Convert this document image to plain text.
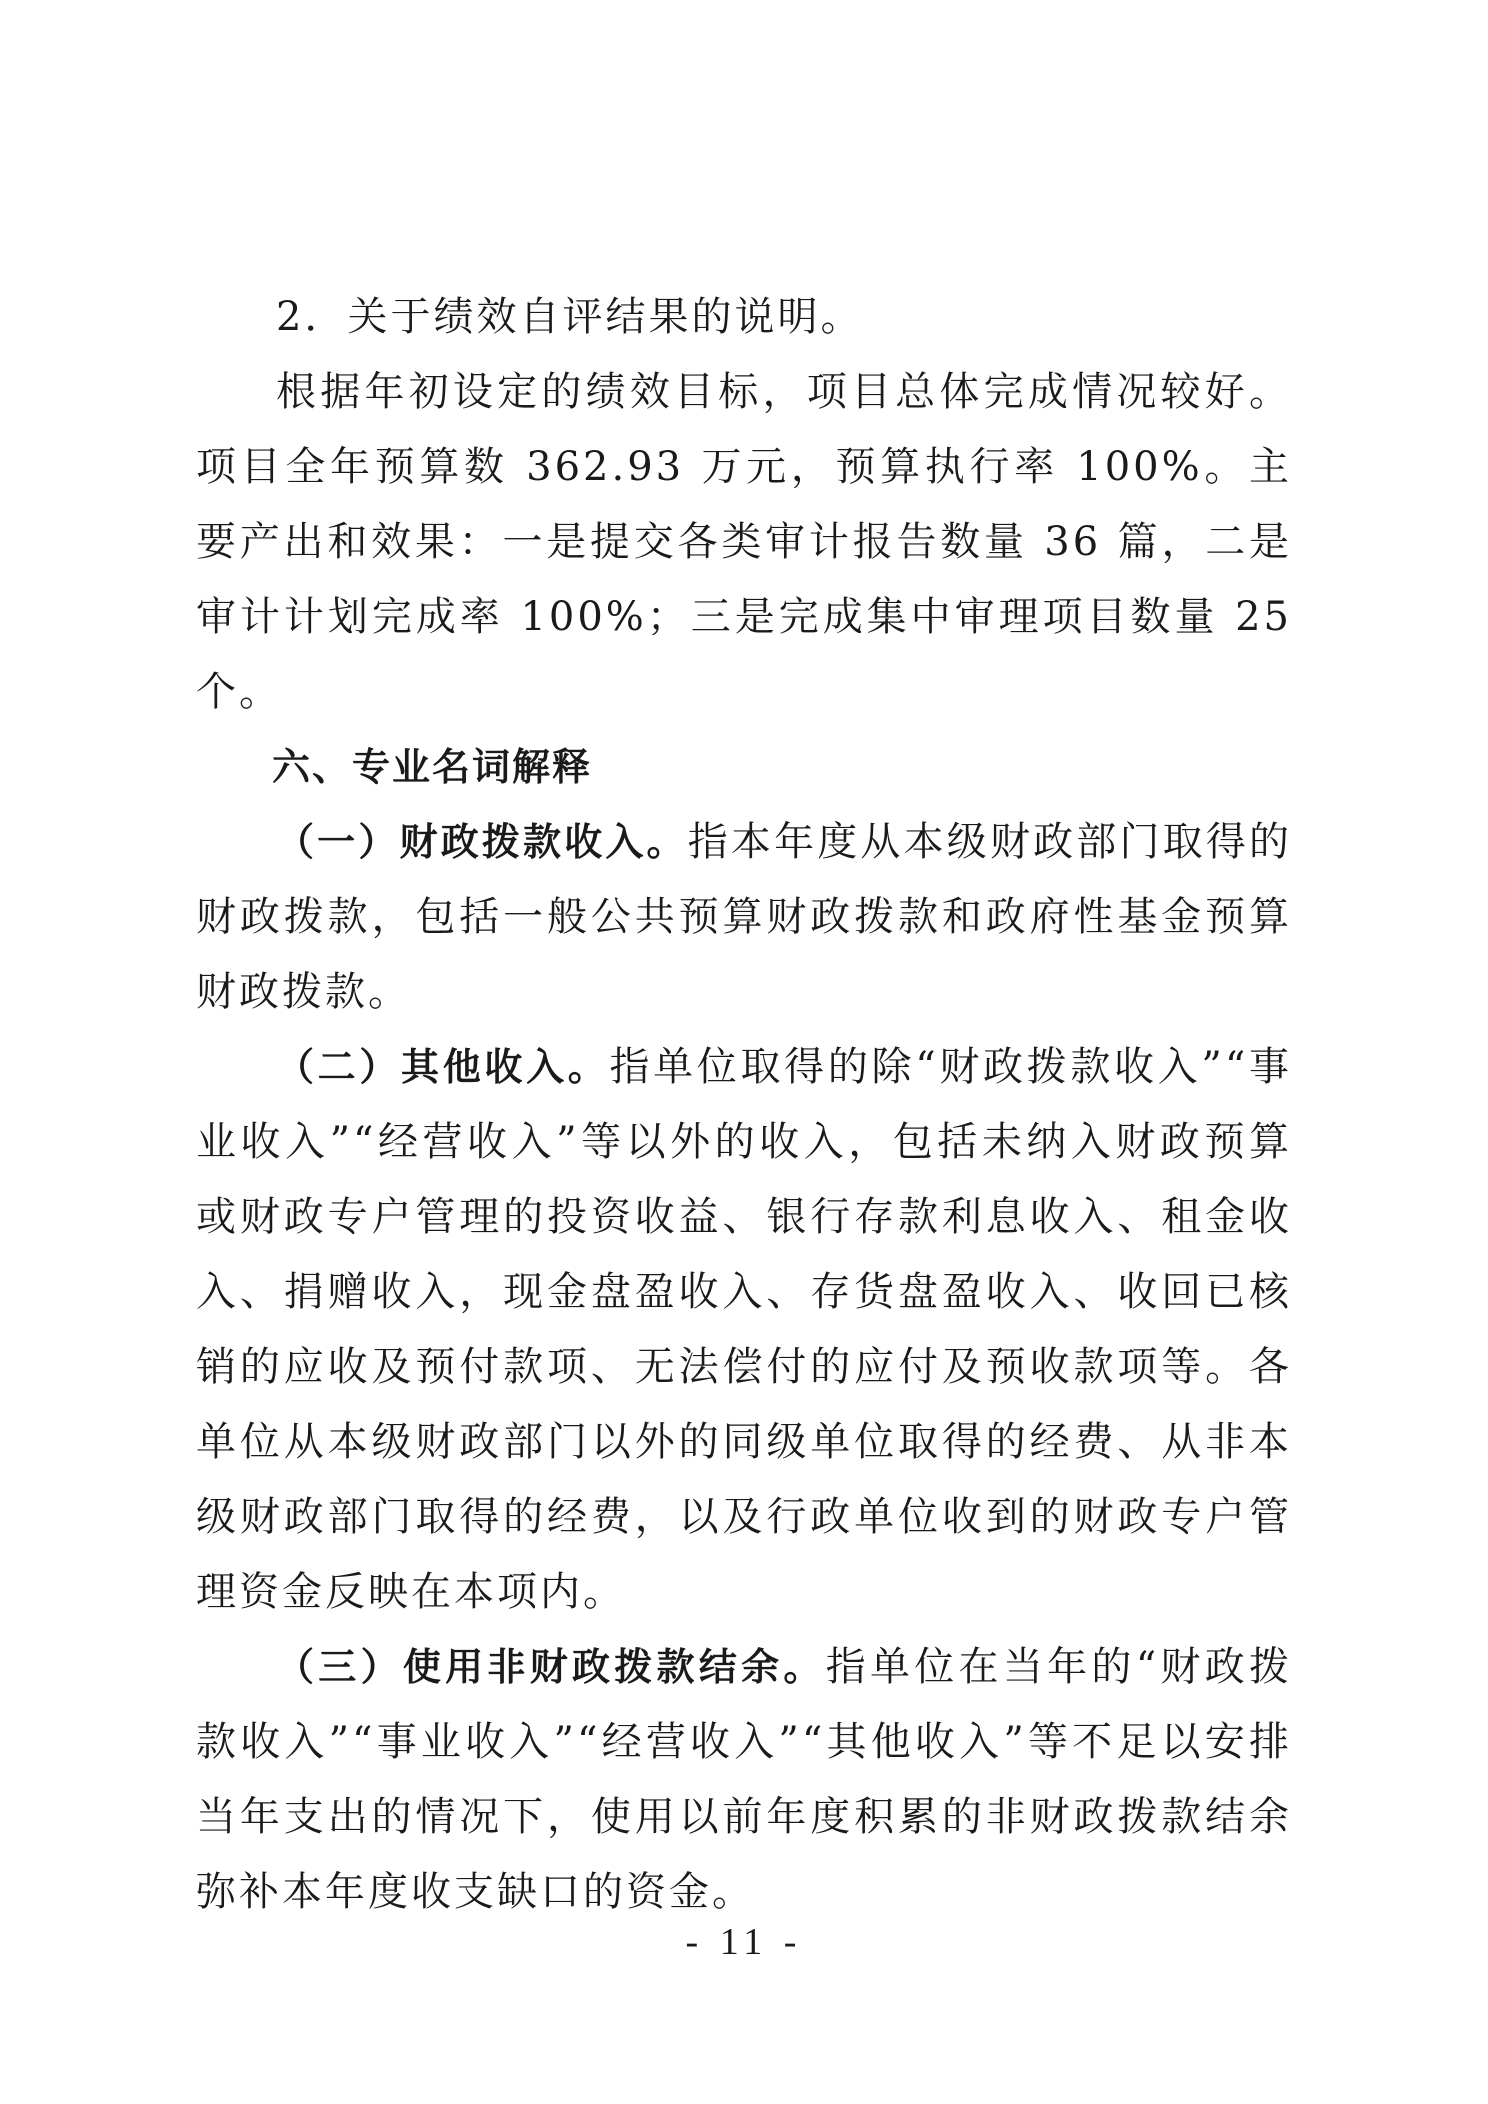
2．关于绩效自评结果的说明。

根据年初设定的绩效目标，项目总体完成情况较好。项目全年预算数 362.93 万元，预算执行率 100%。主要产出和效果：一是提交各类审计报告数量 36 篇，二是审计计划完成率 100%；三是完成集中审理项目数量 25 个。

六、专业名词解释

（一）财政拨款收入。指本年度从本级财政部门取得的财政拨款，包括一般公共预算财政拨款和政府性基金预算财政拨款。

（二）其他收入。指单位取得的除“财政拨款收入”“事业收入”“经营收入”等以外的收入，包括未纳入财政预算或财政专户管理的投资收益、银行存款利息收入、租金收入、捐赠收入，现金盘盈收入、存货盘盈收入、收回已核销的应收及预付款项、无法偿付的应付及预收款项等。各单位从本级财政部门以外的同级单位取得的经费、从非本级财政部门取得的经费，以及行政单位收到的财政专户管理资金反映在本项内。

（三）使用非财政拨款结余。指单位在当年的“财政拨款收入”“事业收入”“经营收入”“其他收入”等不足以安排当年支出的情况下，使用以前年度积累的非财政拨款结余弥补本年度收支缺口的资金。

- 11 -
